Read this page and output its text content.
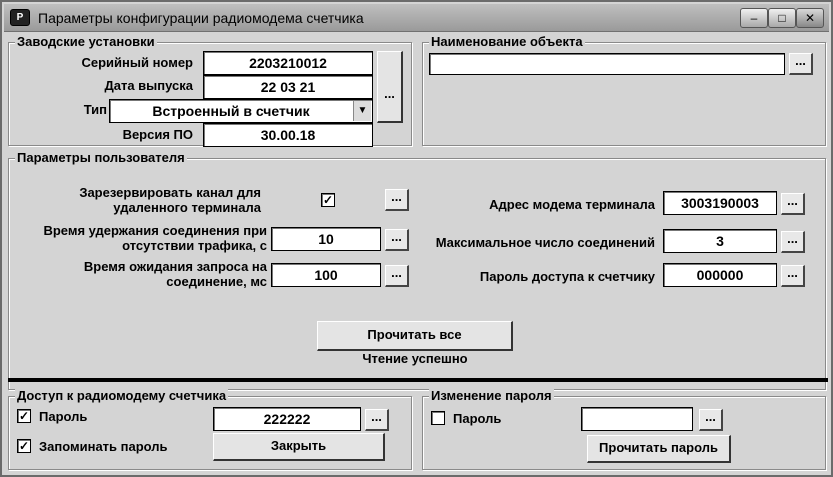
P	Параметры конфигурации радиомодема счетчика	‒	□	✕
Заводские установки
Серийный номер	2203210012
Дата выпуска	22 03 21	...
Тип	Встроенный в счетчик	▼
Версия ПО	30.00.18
Наименование объекта
...
Параметры пользователя
Зарезервировать канал для удаленного терминала	✓	...
Время удержания соединения при отсутствии трафика, с	10	...
Время ожидания запроса на соединение, мс	100	...
Адрес модема терминала	3003190003	...
Максимальное число соединений	3	...
Пароль доступа к счетчику	000000	...
Прочитать все
Чтение успешно
Доступ к радиомодему счетчика
✓ Пароль	222222	...
✓ Запоминать пароль	Закрыть
Изменение пароля
Пароль	...
Прочитать пароль
